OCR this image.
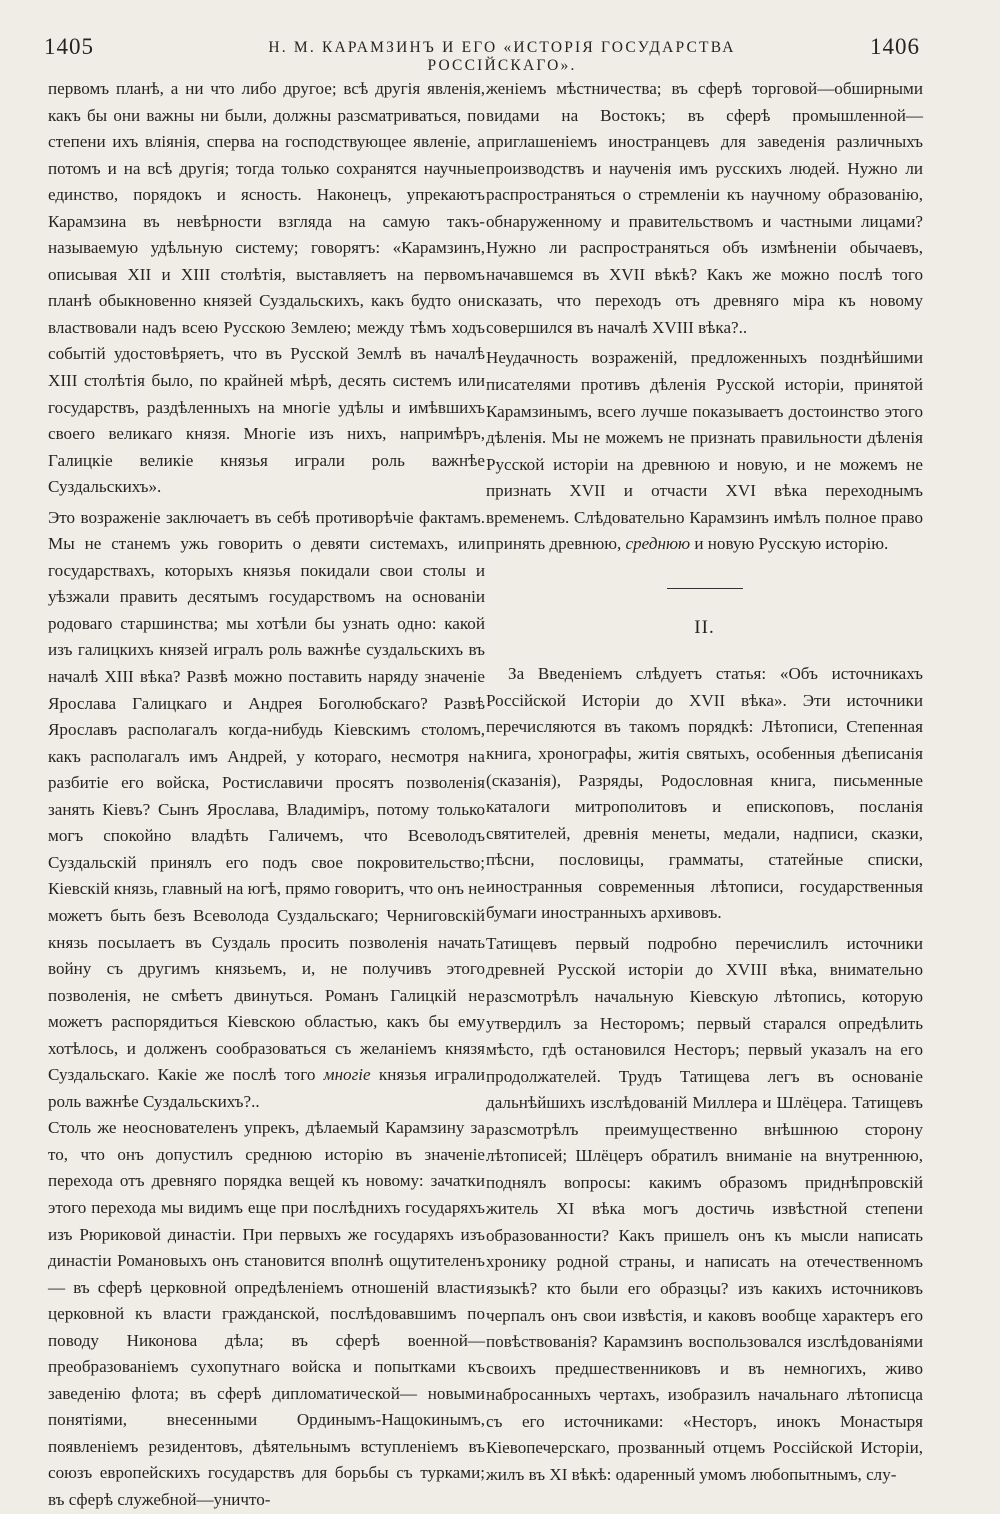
1405	Н. М. КАРАМЗИНЪ И ЕГО «ИСТОРІЯ ГОСУДАРСТВА РОССІЙСКАГО».
1406

первомъ планѣ, а ни что либо другое; всѣ другія явленія, какъ бы они важны ни были, должны разсматриваться, по степени ихъ вліянія, сперва на господствующее явленіе, а потомъ и на всѣ другія; тогда только сохранятся научные единство, порядокъ и ясность. Наконецъ, упрекаютъ Карамзина въ невѣрности взгляда на самую такъ-называемую удѣльную систему; говорятъ: «Карамзинъ, описывая XII и XIII столѣтія, выставляетъ на первомъ планѣ обыкновенно князей Суздальскихъ, какъ будто они властвовали надъ всею Русскою Землею; между тѣмъ ходъ событій удостовѣряетъ, что въ Русской Землѣ въ началѣ XIII столѣтія было, по крайней мѣрѣ, десять системъ или государствъ, раздѣленныхъ на многіе удѣлы и имѣвшихъ своего великаго князя. Многіе изъ нихъ, напримѣръ, Галицкіе великіе князья играли роль важнѣе Суздальскихъ».

Это возраженіе заключаетъ въ себѣ противорѣчіе фактамъ. Мы не станемъ ужь говорить о девяти системахъ, или государствахъ, которыхъ князья покидали свои столы и уѣзжали править десятымъ государствомъ на основаніи родоваго старшинства; мы хотѣли бы узнать одно: какой изъ галицкихъ князей игралъ роль важнѣе суздальскихъ въ началѣ XIII вѣка? Развѣ можно поставить наряду значеніе Ярослава Галицкаго и Андрея Боголюбскаго? Развѣ Ярославъ располагалъ когда-нибудь Кіевскимъ столомъ, какъ располагалъ имъ Андрей, у котораго, несмотря на разбитіе его войска, Ростиславичи просятъ позволенія занять Кіевъ? Сынъ Ярослава, Владиміръ, потому только могъ спокойно владѣть Галичемъ, что Всеволодъ Суздальскій принялъ его подъ свое покровительство; Кіевскій князь, главный на югѣ, прямо говоритъ, что онъ не можетъ быть безъ Всеволода Суздальскаго; Черниговскій князь посылаетъ въ Суздаль просить позволенія начать войну съ другимъ князьемъ, и, не получивъ этого позволенія, не смѣетъ двинуться. Романъ Галицкій не можетъ распорядиться Кіевскою областью, какъ бы ему хотѣлось, и долженъ сообразоваться съ желаніемъ князя Суздальскаго. Какіе же послѣ того многіе князья играли роль важнѣе Суздальскихъ?..

Столь же неоснователенъ упрекъ, дѣлаемый Карамзину за то, что онъ допустилъ среднюю исторію въ значеніе перехода отъ древняго порядка вещей къ новому: зачатки этого перехода мы видимъ еще при послѣднихъ государяхъ изъ Рюриковой династіи. При первыхъ же государяхъ изъ династіи Романовыхъ онъ становится вполнѣ ощутителенъ— въ сферѣ церковной опредѣленіемъ отношеній власти церковной къ власти гражданской, послѣдовавшимъ по поводу Никонова дѣла; въ сферѣ военной—преобразованіемъ сухопутнаго войска и попытками къ заведенію флота; въ сферѣ дипломатической— новыми понятіями, внесенными Ординымъ-Нащокинымъ, появленіемъ резидентовъ, дѣятельнымъ вступленіемъ въ союзъ европейскихъ государствъ для борьбы съ турками; въ сферѣ служебной—уничто-

женіемъ мѣстничества; въ сферѣ торговой—обширными видами на Востокъ; въ сферѣ промышленной— приглашеніемъ иностранцевъ для заведенія различныхъ производствъ и наученія имъ русскихъ людей. Нужно ли распространяться о стремленіи къ научному образованію, обнаруженному и правительствомъ и частными лицами? Нужно ли распространяться объ измѣненіи обычаевъ, начавшемся въ XVII вѣкѣ? Какъ же можно послѣ того сказать, что переходъ отъ древняго міра къ новому совершился въ началѣ XVIII вѣка?..

Неудачность возраженій, предложенныхъ позднѣйшими писателями противъ дѣленія Русской исторіи, принятой Карамзинымъ, всего лучше показываетъ достоинство этого дѣленія. Мы не можемъ не признать правильности дѣленія Русской исторіи на древнюю и новую, и не можемъ не признать XVII и отчасти XVI вѣка переходнымъ временемъ. Слѣдовательно Карамзинъ имѣлъ полное право принять древнюю, среднюю и новую Русскую исторію.

II.

За Введеніемъ слѣдуетъ статья: «Объ источникахъ Россійской Исторіи до XVII вѣка». Эти источники перечисляются въ такомъ порядкѣ: Лѣтописи, Степенная книга, хронографы, житія святыхъ, особенныя дѣеписанія (сказанія), Разряды, Родословная книга, письменные каталоги митрополитовъ и епископовъ, посланія святителей, древнія менеты, медали, надписи, сказки, пѣсни, пословицы, грамматы, статейные списки, иностранныя современныя лѣтописи, государственныя бумаги иностранныхъ архивовъ.

Татищевъ первый подробно перечислилъ источники древней Русской исторіи до XVIII вѣка, внимательно разсмотрѣлъ начальную Кіевскую лѣтопись, которую утвердилъ за Несторомъ; первый старался опредѣлить мѣсто, гдѣ остановился Несторъ; первый указалъ на его продолжателей. Трудъ Татищева легъ въ основаніе дальнѣйшихъ изслѣдованій Миллера и Шлёцера. Татищевъ разсмотрѣлъ преимущественно внѣшнюю сторону лѣтописей; Шлёцеръ обратилъ вниманіе на внутреннюю, поднялъ вопросы: какимъ образомъ приднѣпровскій житель XI вѣка могъ достичь извѣстной степени образованности? Какъ пришелъ онъ къ мысли написать хронику родной страны, и написать на отечественномъ языкѣ? кто были его образцы? изъ какихъ источниковъ черпалъ онъ свои извѣстія, и каковъ вообще характеръ его повѣствованія? Карамзинъ воспользовался изслѣдованіями своихъ предшественниковъ и въ немногихъ, живо набросанныхъ чертахъ, изобразилъ начальнаго лѣтописца съ его источниками: «Несторъ, инокъ Монастыря Кіевопечерскаго, прозванный отцемъ Россійской Исторіи, жилъ въ XI вѣкѣ: одаренный умомъ любопытнымъ, слу-
